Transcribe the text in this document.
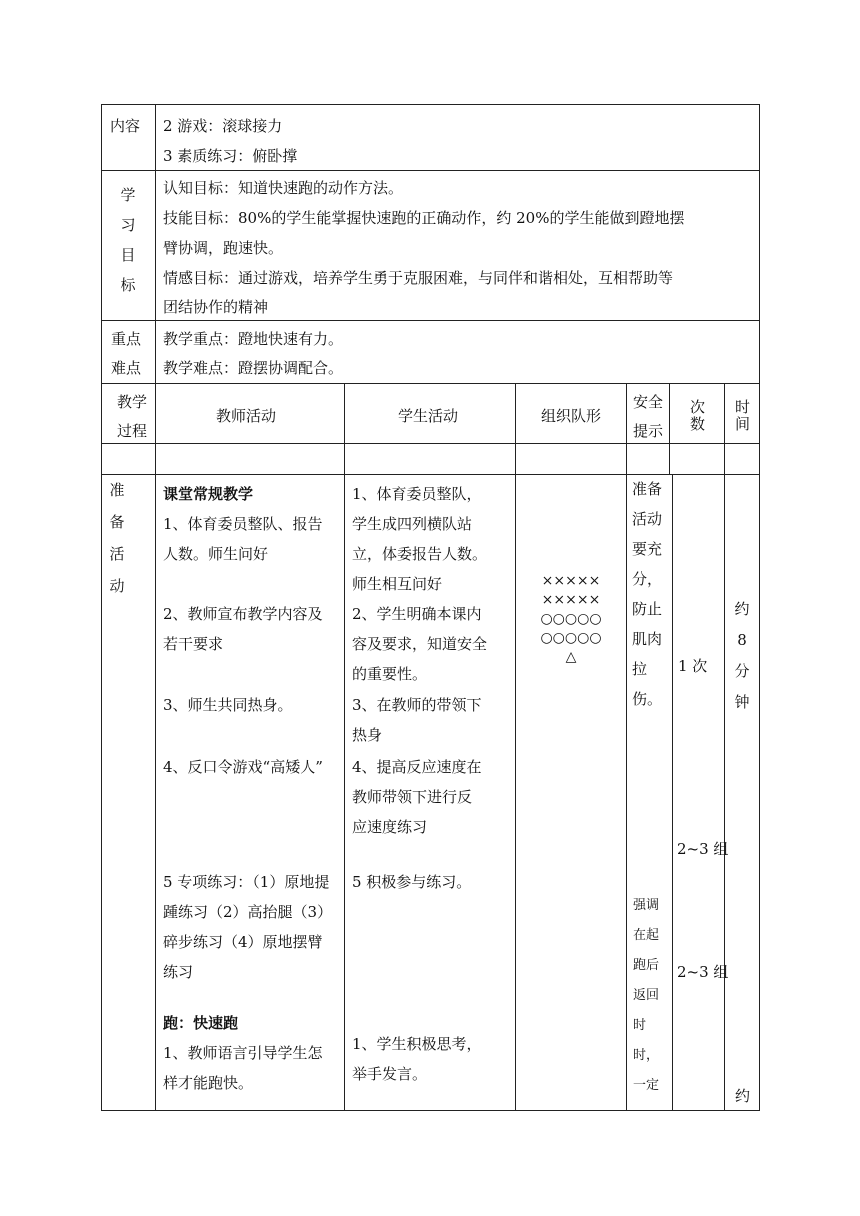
内容 2 游戏：滚球接力
3 素质练习：俯卧撑
学
习
目
标
认知目标：知道快速跑的动作方法。
技能目标：80%的学生能掌握快速跑的正确动作，约 20%的学生能做到蹬地摆
臂协调，跑速快。
情感目标：通过游戏，培养学生勇于克服困难，与同伴和谐相处，互相帮助等
团结协作的精神
重点
难点
教学重点：蹬地快速有力。
教学难点：蹬摆协调配合。
教学
过程
教师活动	学生活动	组织队形
安全
提示
次
数
时
间
准
备
活
动
课堂常规教学
1、体育委员整队、报告
人数。师生问好
2、教师宣布教学内容及
若干要求
3、师生共同热身。
4、反口令游戏“高矮人”
5 专项练习：（1）原地提
踵练习（2）高抬腿（3）
碎步练习（4）原地摆臂
练习
跑：快速跑
1、教师语言引导学生怎
样才能跑快。
1、体育委员整队，
学生成四列横队站
立，体委报告人数。
师生相互问好
2、学生明确本课内
容及要求，知道安全
的重要性。
3、在教师的带领下
热身
4、提高反应速度在
教师带领下进行反
应速度练习
5 积极参与练习。
1、学生积极思考，
举手发言。
×××××
×××××
○○○○○
○○○○○
△
准备
活动
要充
分，
防止
肌肉
拉
伤。
强调
在起
跑后
返回
时
时，
一定
1 次
2~3 组
2~3 组
约
8
分
钟
约
